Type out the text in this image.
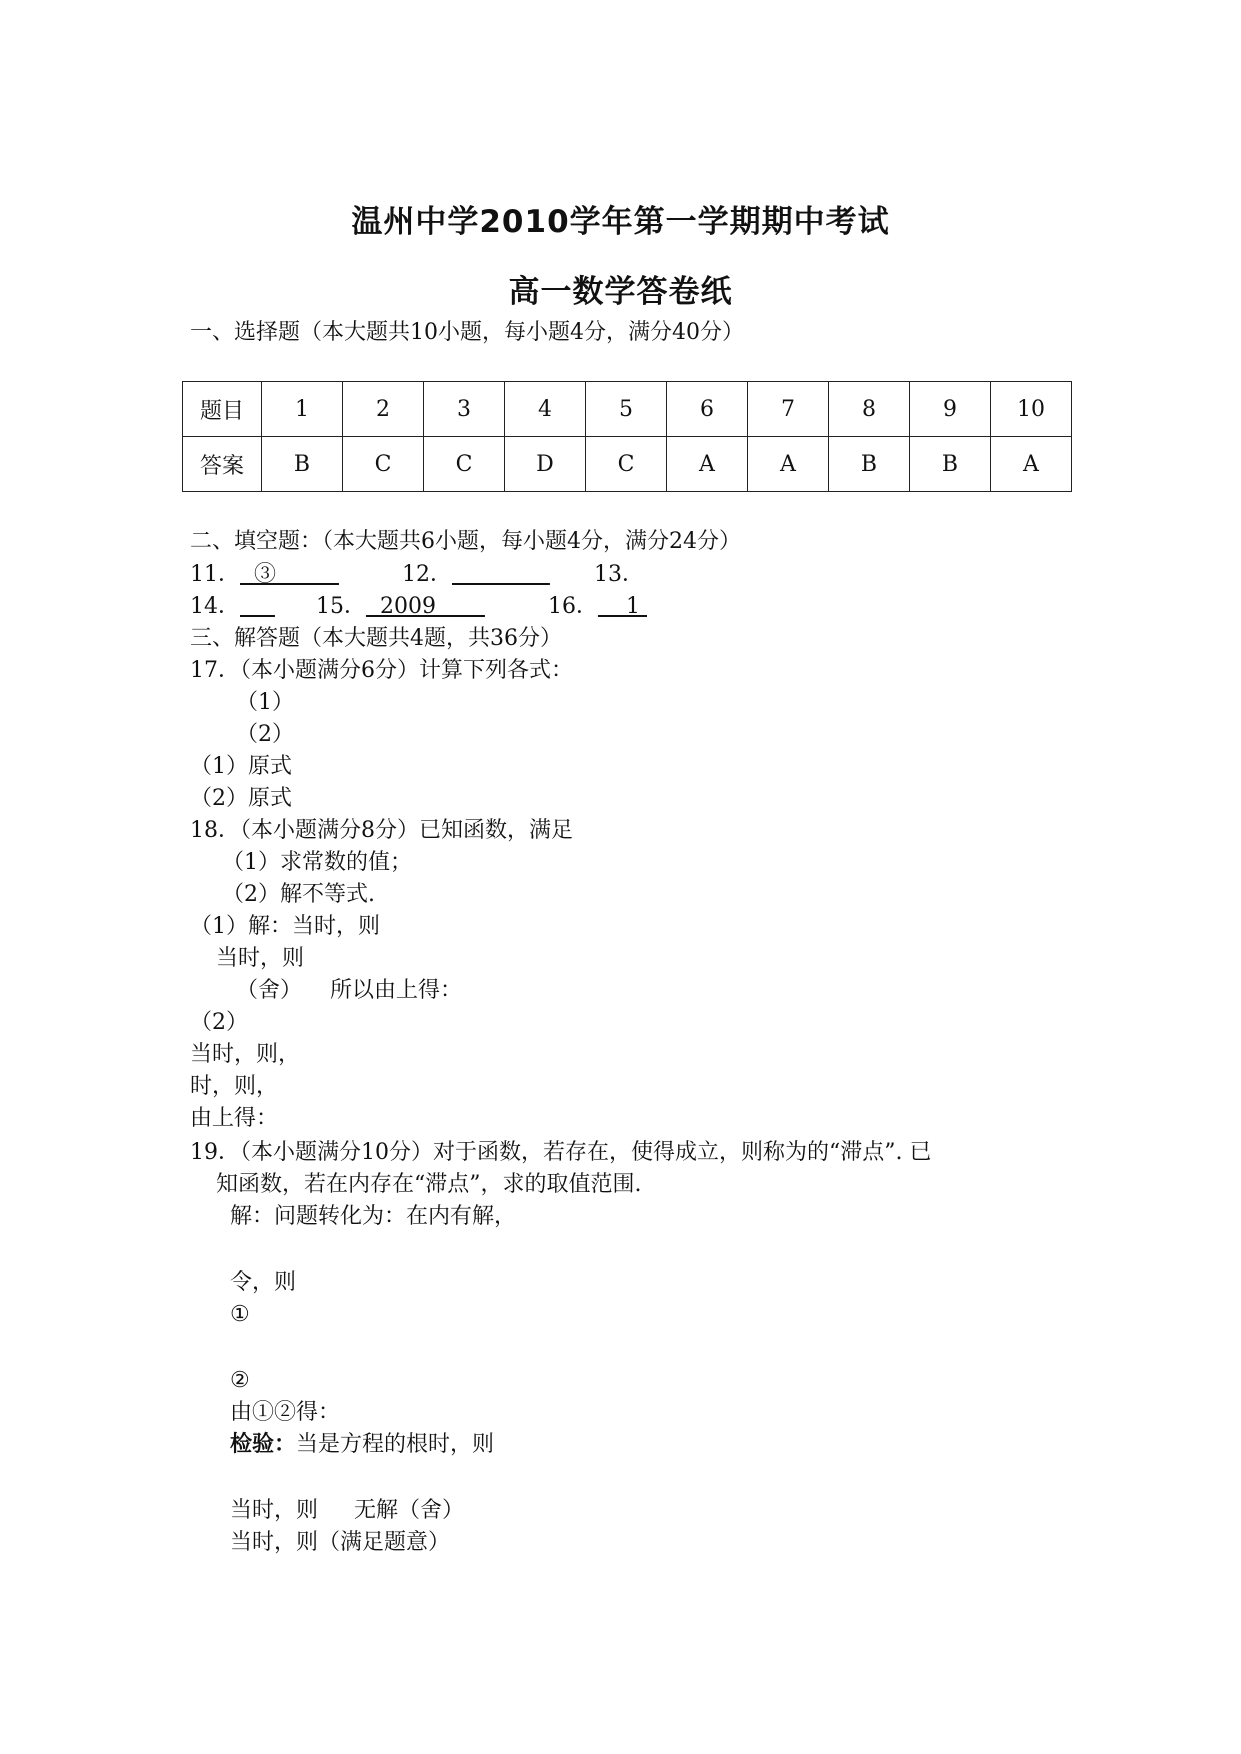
温州中学2010学年第一学期期中考试
高一数学答卷纸
一、选择题（本大题共10小题，每小题4分，满分40分）
题目	1	2	3	4	5	6	7	8	9	10
答案	B	C	C	D	C	A	A	B	B	A
二、填空题：（本大题共6小题，每小题4分，满分24分）
11． ③	12．	13．
14．	15． 2009	16． 1
三、解答题（本大题共4题，共36分）
17．（本小题满分6分）计算下列各式：
（1）
（2）
（1）原式
（2）原式
18．（本小题满分8分）已知函数，满足
（1）求常数的值；
（2）解不等式.
（1）解：当时，则
当时，则
（舍） 所以由上得：
（2）
当时，则，
时，则，
由上得：
19．（本小题满分10分）对于函数，若存在，使得成立，则称为的“滞点”. 已
知函数，若在内存在“滞点”，求的取值范围.
解：问题转化为：在内有解，
令，则
①
②
由①②得：
检验：当是方程的根时，则
当时，则 无解（舍）
当时，则（满足题意）
